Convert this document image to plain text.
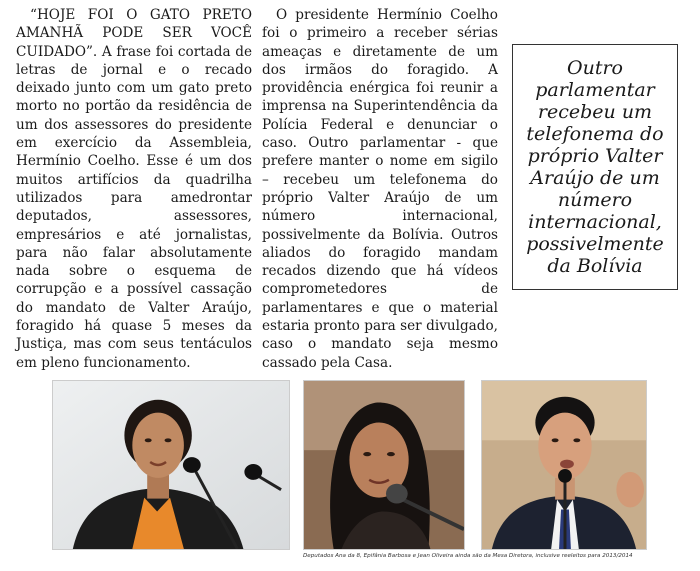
“HOJE FOI O GATO PRETO AMANHÃ PODE SER VOCÊ CUIDADO”. A frase foi cortada de letras de jornal e o recado deixado junto com um gato preto morto no portão da residência de um dos assessores do presidente em exercício da Assembleia, Hermínio Coelho. Esse é um dos muitos artifícios da quadrilha utilizados para amedrontar deputados, assessores, empresários e até jornalistas, para não falar absolutamente nada sobre o esquema de corrupção e a possível cassação do mandato de Valter Araújo, foragido há quase 5 meses da Justiça, mas com seus tentáculos em pleno funcionamento.

O presidente Hermínio Coelho foi o primeiro a receber sérias ameaças e diretamente de um dos irmãos do foragido. A providência enérgica foi reunir a imprensa na Superintendência da Polícia Federal e denunciar o caso. Outro parlamentar - que prefere manter o nome em sigilo – recebeu um telefonema do próprio Valter Araújo de um número internacional, possivelmente da Bolívia. Outros aliados do foragido mandam recados dizendo que há vídeos comprometedores de parlamentares e que o material estaria pronto para ser divulgado, caso o mandato seja mesmo cassado pela Casa.

Outro parlamentar recebeu um telefonema do próprio Valter Araújo de um número internacional, possivelmente da Bolívia
Deputados Ana da 8, Epifânia Barbosa e Jean Oliveira ainda são da Mesa Diretora, inclusive reeleitos para 2013/2014
